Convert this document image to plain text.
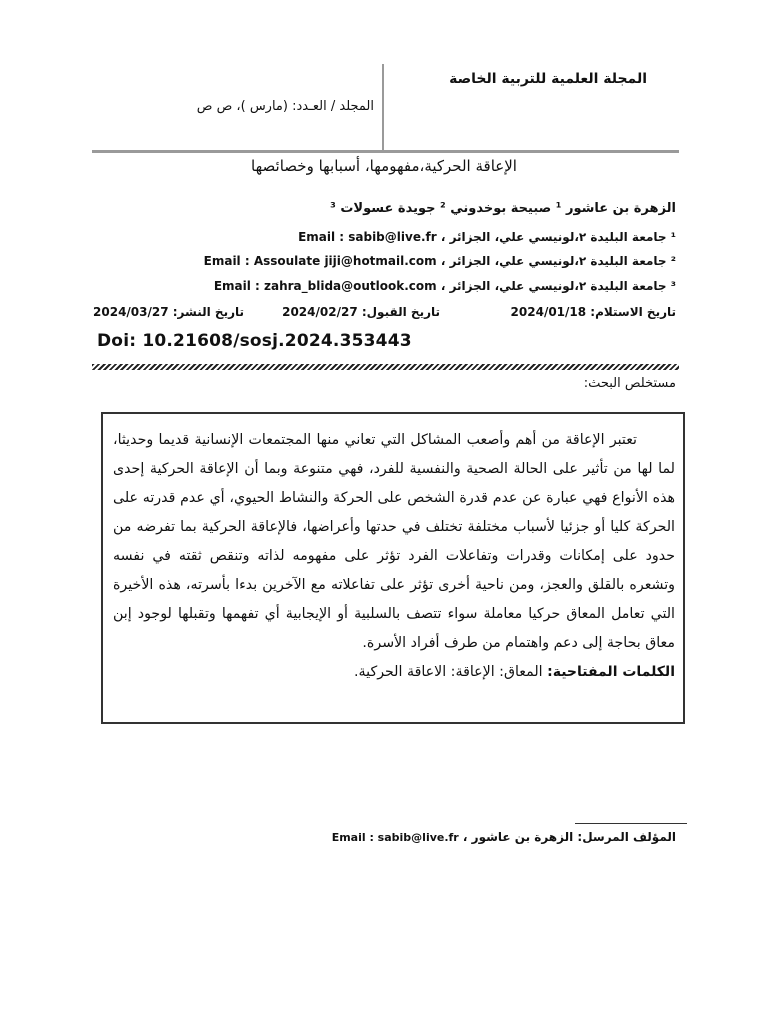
المجلة العلمية للتربية الخاصة
المجلد / العـدد: (مارس )، ص ص
الإعاقة الحركية،مفهومها، أسبابها وخصائصها
الزهرة بن عاشور ¹ صبيحة بوخدوني ² جويدة عسولات ³
¹ جامعة البليدة ٢،لونيسي علي، الجزائر ، Email : sabib@live.fr
² جامعة البليدة ٢،لونيسي علي، الجزائر ، Email : Assoulate jiji@hotmail.com
³ جامعة البليدة ٢،لونيسي علي، الجزائر ، Email : zahra_blida@outlook.com
تاريخ الاستلام: 2024/01/18
تاريخ القبول: 2024/02/27
تاريخ النشر: 2024/03/27
Doi: 10.21608/sosj.2024.353443
مستخلص البحث:
تعتبر الإعاقة من أهم وأصعب المشاكل التي تعاني منها المجتمعات الإنسانية قديما وحديثا، لما لها من تأثير على الحالة الصحية والنفسية للفرد، فهي متنوعة وبما أن الإعاقة الحركية إحدى هذه الأنواع فهي عبارة عن عدم قدرة الشخص على الحركة والنشاط الحيوي، أي عدم قدرته على الحركة كليا أو جزئيا لأسباب مختلفة تختلف في حدتها وأعراضها، فالإعاقة الحركية بما تفرضه من حدود على إمكانات وقدرات وتفاعلات الفرد تؤثر على مفهومه لذاته وتنقص ثقته في نفسه وتشعره بالقلق والعجز، ومن ناحية أخرى تؤثر على تفاعلاته مع الآخرين بدءا بأسرته، هذه الأخيرة التي تعامل المعاق حركيا معاملة سواء تتصف بالسلبية أو الإيجابية أي تفهمها وتقبلها لوجود إبن معاق بحاجة إلى دعم واهتمام من طرف أفراد الأسرة.
الكلمات المفتاحية: المعاق: الإعاقة: الاعاقة الحركية.
المؤلف المرسل: الزهرة بن عاشور ، Email : sabib@live.fr
